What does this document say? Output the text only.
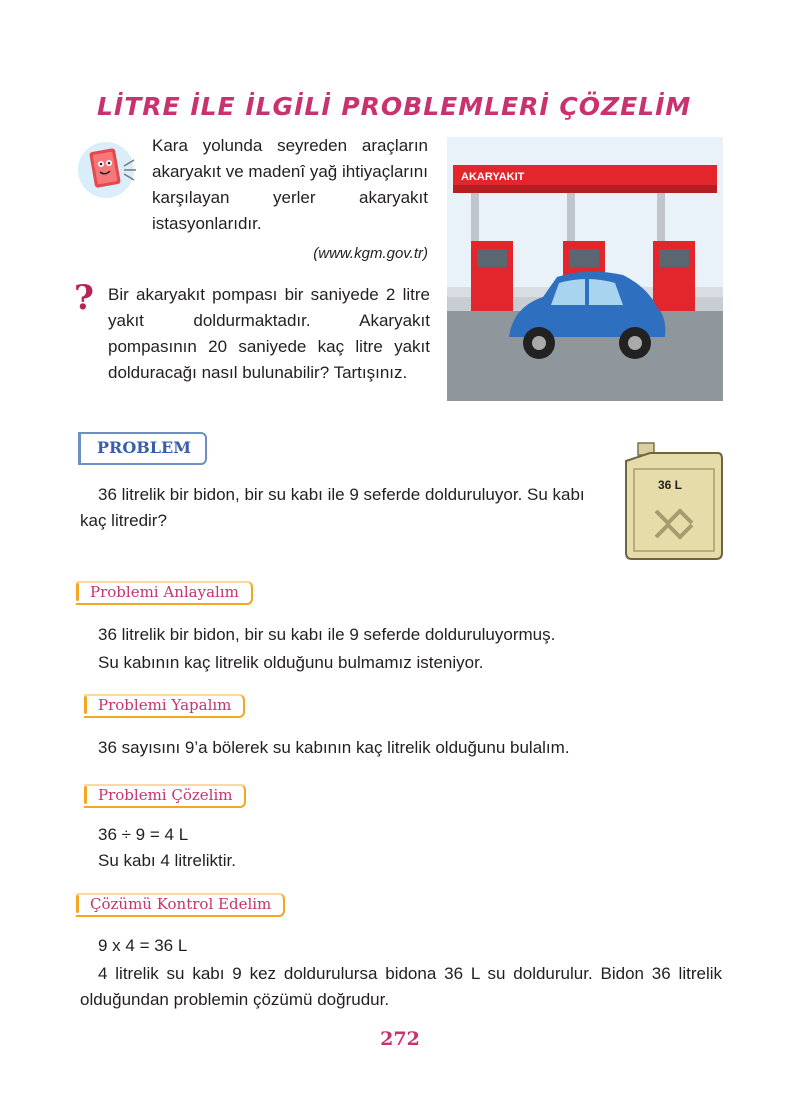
LİTRE İLE İLGİLİ PROBLEMLERİ ÇÖZELİM
Kara yolunda seyreden araçların akaryakıt ve madenî yağ ihtiyaçlarını karşılayan yerler akaryakıt istasyonlarıdır.
(www.kgm.gov.tr)
? Bir akaryakıt pompası bir saniyede 2 litre yakıt doldurmaktadır. Akaryakıt pompasının 20 saniyede kaç litre yakıt dolduracağı nasıl bulunabilir? Tartışınız.
AKARYAKIT
PROBLEM
36 litrelik bir bidon, bir su kabı ile 9 seferde dolduruluyor. Su kabı kaç litredir?
36 L
Problemi Anlayalım
36 litrelik bir bidon, bir su kabı ile 9 seferde dolduruluyormuş.
Su kabının kaç litrelik olduğunu bulmamız isteniyor.
Problemi Yapalım
36 sayısını 9’a bölerek su kabının kaç litrelik olduğunu bulalım.
Problemi Çözelim
36 ÷ 9 = 4 L
Su kabı 4 litreliktir.
Çözümü Kontrol Edelim
9 x 4 = 36 L
4 litrelik su kabı 9 kez doldurulursa bidona 36 L su doldurulur. Bidon 36 litrelik olduğundan problemin çözümü doğrudur.
272
